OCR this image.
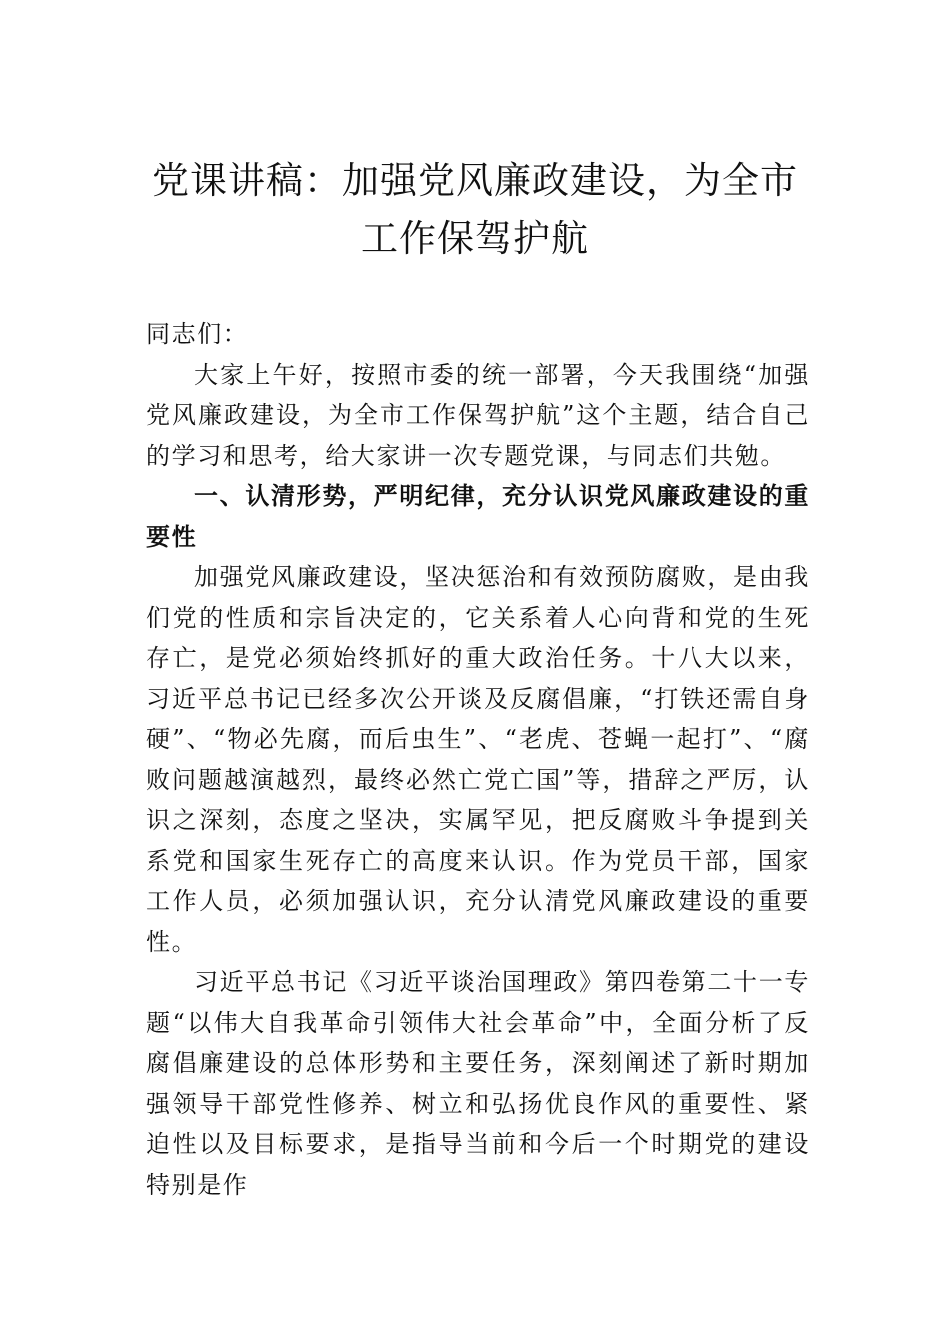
党课讲稿：加强党风廉政建设，为全市工作保驾护航

同志们：

大家上午好，按照市委的统一部署，今天我围绕“加强党风廉政建设，为全市工作保驾护航”这个主题，结合自己的学习和思考，给大家讲一次专题党课，与同志们共勉。

一、认清形势，严明纪律，充分认识党风廉政建设的重要性

加强党风廉政建设，坚决惩治和有效预防腐败，是由我们党的性质和宗旨决定的，它关系着人心向背和党的生死存亡，是党必须始终抓好的重大政治任务。十八大以来，习近平总书记已经多次公开谈及反腐倡廉，“打铁还需自身硬”、“物必先腐，而后虫生”、“老虎、苍蝇一起打”、“腐败问题越演越烈，最终必然亡党亡国”等，措辞之严厉，认识之深刻，态度之坚决，实属罕见，把反腐败斗争提到关系党和国家生死存亡的高度来认识。作为党员干部，国家工作人员，必须加强认识，充分认清党风廉政建设的重要性。

习近平总书记《习近平谈治国理政》第四卷第二十一专题“以伟大自我革命引领伟大社会革命”中，全面分析了反腐倡廉建设的总体形势和主要任务，深刻阐述了新时期加强领导干部党性修养、树立和弘扬优良作风的重要性、紧迫性以及目标要求，是指导当前和今后一个时期党的建设特别是作
